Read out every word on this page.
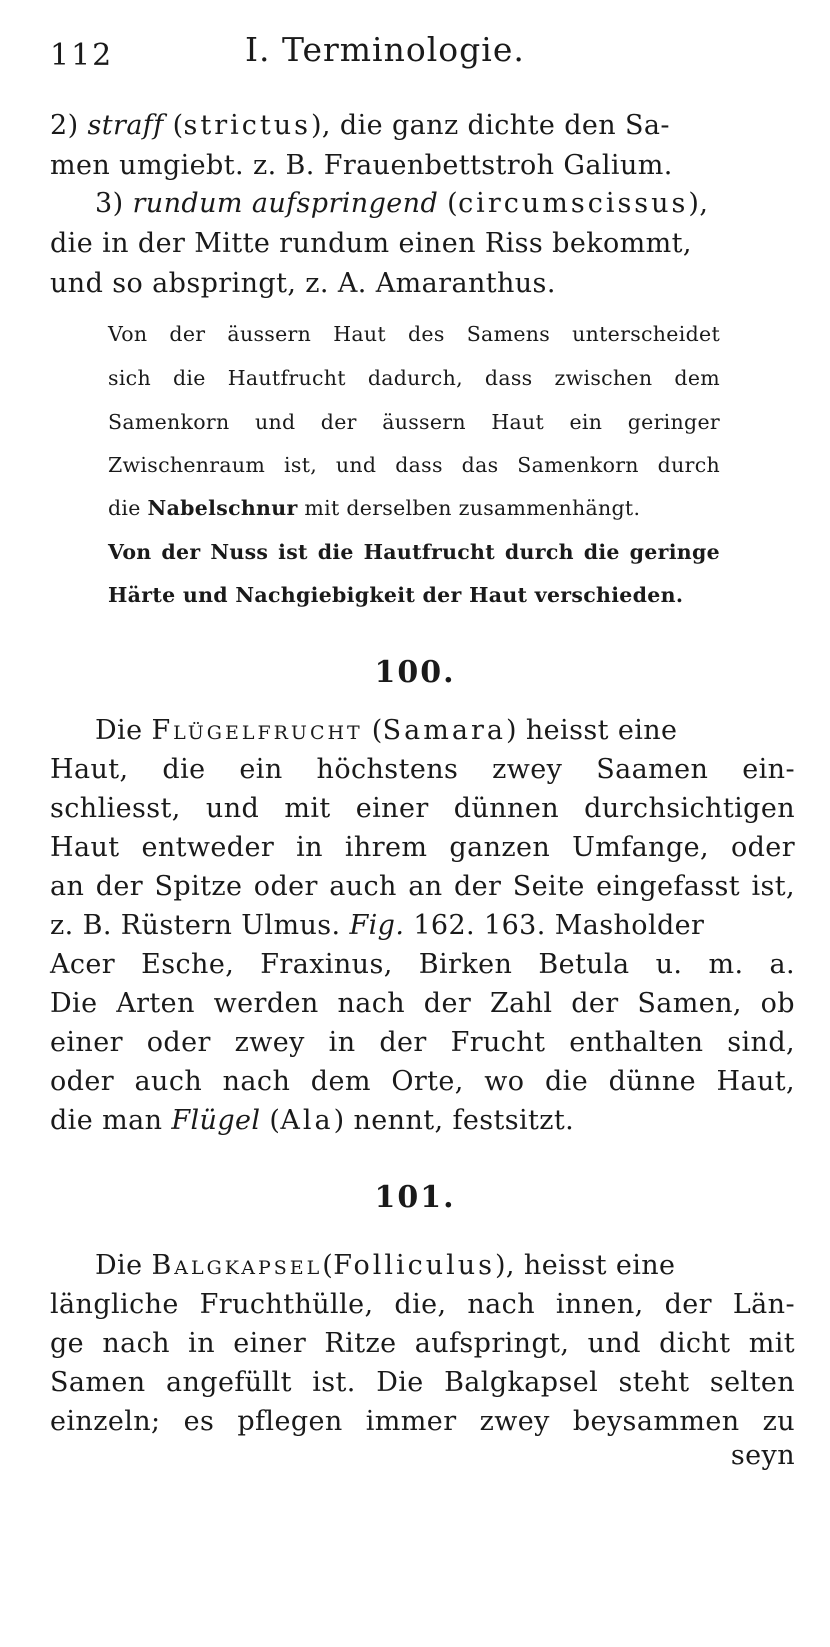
112	I. Terminologie.
2) straff (strictus), die ganz dichte den Sa-
men umgiebt. z. B. Frauenbettstroh Galium.
3) rundum aufspringend (circumscissus),
die in der Mitte rundum einen Riss bekommt,
und so abspringt, z. A. Amaranthus.
Von der äussern Haut des Samens unterscheidet
sich die Hautfrucht dadurch, dass zwischen dem
Samenkorn und der äussern Haut ein geringer
Zwischenraum ist, und dass das Samenkorn durch
die Nabelschnur mit derselben zusammenhängt.
Von der Nuss ist die Hautfrucht durch die geringe
Härte und Nachgiebigkeit der Haut verschieden.
100.
Die Flügelfrucht (Samara) heisst eine
Haut, die ein höchstens zwey Saamen ein-
schliesst, und mit einer dünnen durchsichtigen
Haut entweder in ihrem ganzen Umfange, oder
an der Spitze oder auch an der Seite eingefasst ist,
z. B. Rüstern Ulmus. Fig. 162. 163. Masholder
Acer Esche, Fraxinus, Birken Betula u. m. a.
Die Arten werden nach der Zahl der Samen, ob
einer oder zwey in der Frucht enthalten sind,
oder auch nach dem Orte, wo die dünne Haut,
die man Flügel (Ala) nennt, festsitzt.
101.
Die Balgkapsel(Folliculus), heisst eine
längliche Fruchthülle, die, nach innen, der Län-
ge nach in einer Ritze aufspringt, und dicht mit
Samen angefüllt ist. Die Balgkapsel steht selten
einzeln; es pflegen immer zwey beysammen zu
seyn
